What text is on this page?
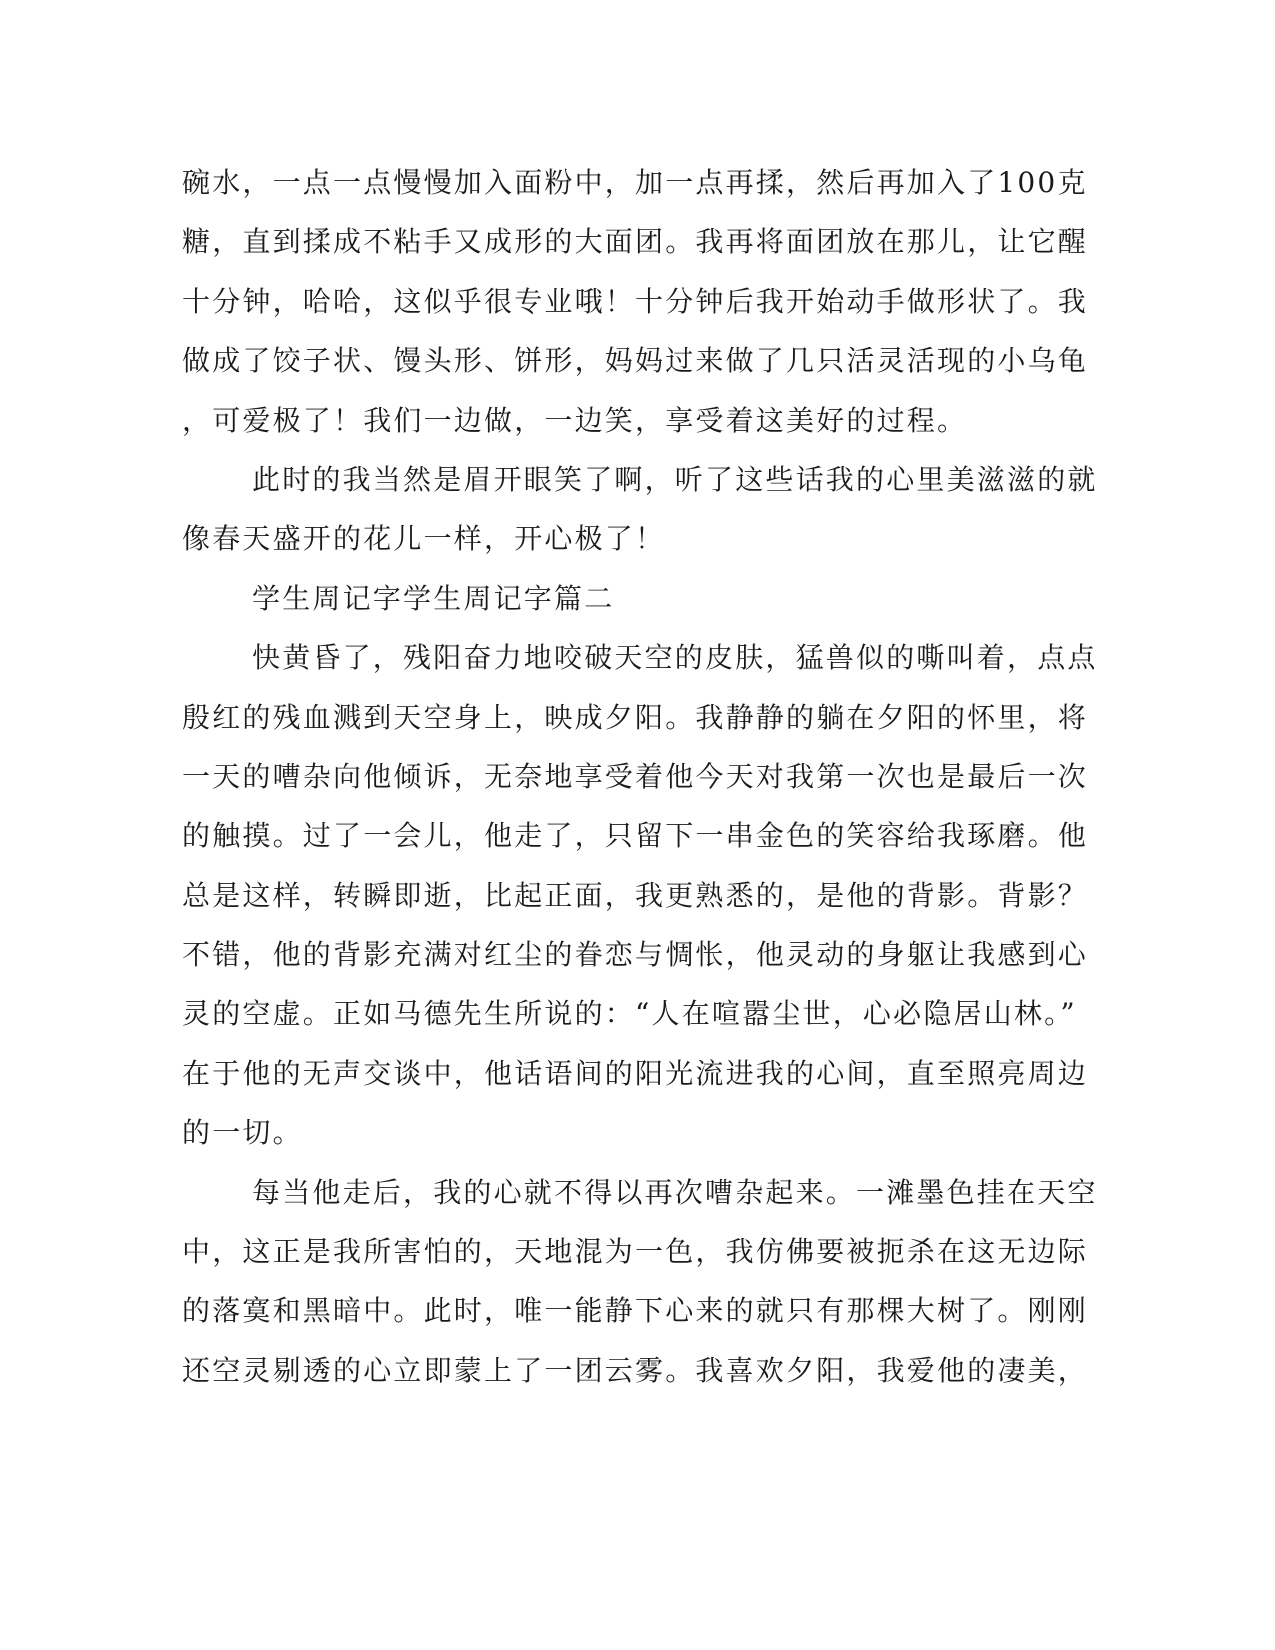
碗水，一点一点慢慢加入面粉中，加一点再揉，然后再加入了100克
糖，直到揉成不粘手又成形的大面团。我再将面团放在那儿，让它醒
十分钟，哈哈，这似乎很专业哦！十分钟后我开始动手做形状了。我
做成了饺子状、馒头形、饼形，妈妈过来做了几只活灵活现的小乌龟
，可爱极了！我们一边做，一边笑，享受着这美好的过程。
此时的我当然是眉开眼笑了啊，听了这些话我的心里美滋滋的就
像春天盛开的花儿一样，开心极了！
学生周记字学生周记字篇二
快黄昏了，残阳奋力地咬破天空的皮肤，猛兽似的嘶叫着，点点
殷红的残血溅到天空身上，映成夕阳。我静静的躺在夕阳的怀里，将
一天的嘈杂向他倾诉，无奈地享受着他今天对我第一次也是最后一次
的触摸。过了一会儿，他走了，只留下一串金色的笑容给我琢磨。他
总是这样，转瞬即逝，比起正面，我更熟悉的，是他的背影。背影？
不错，他的背影充满对红尘的眷恋与惆怅，他灵动的身躯让我感到心
灵的空虚。正如马德先生所说的：“人在喧嚣尘世，心必隐居山林。”
在于他的无声交谈中，他话语间的阳光流进我的心间，直至照亮周边
的一切。
每当他走后，我的心就不得以再次嘈杂起来。一滩墨色挂在天空
中，这正是我所害怕的，天地混为一色，我仿佛要被扼杀在这无边际
的落寞和黑暗中。此时，唯一能静下心来的就只有那棵大树了。刚刚
还空灵剔透的心立即蒙上了一团云雾。我喜欢夕阳，我爱他的凄美，
